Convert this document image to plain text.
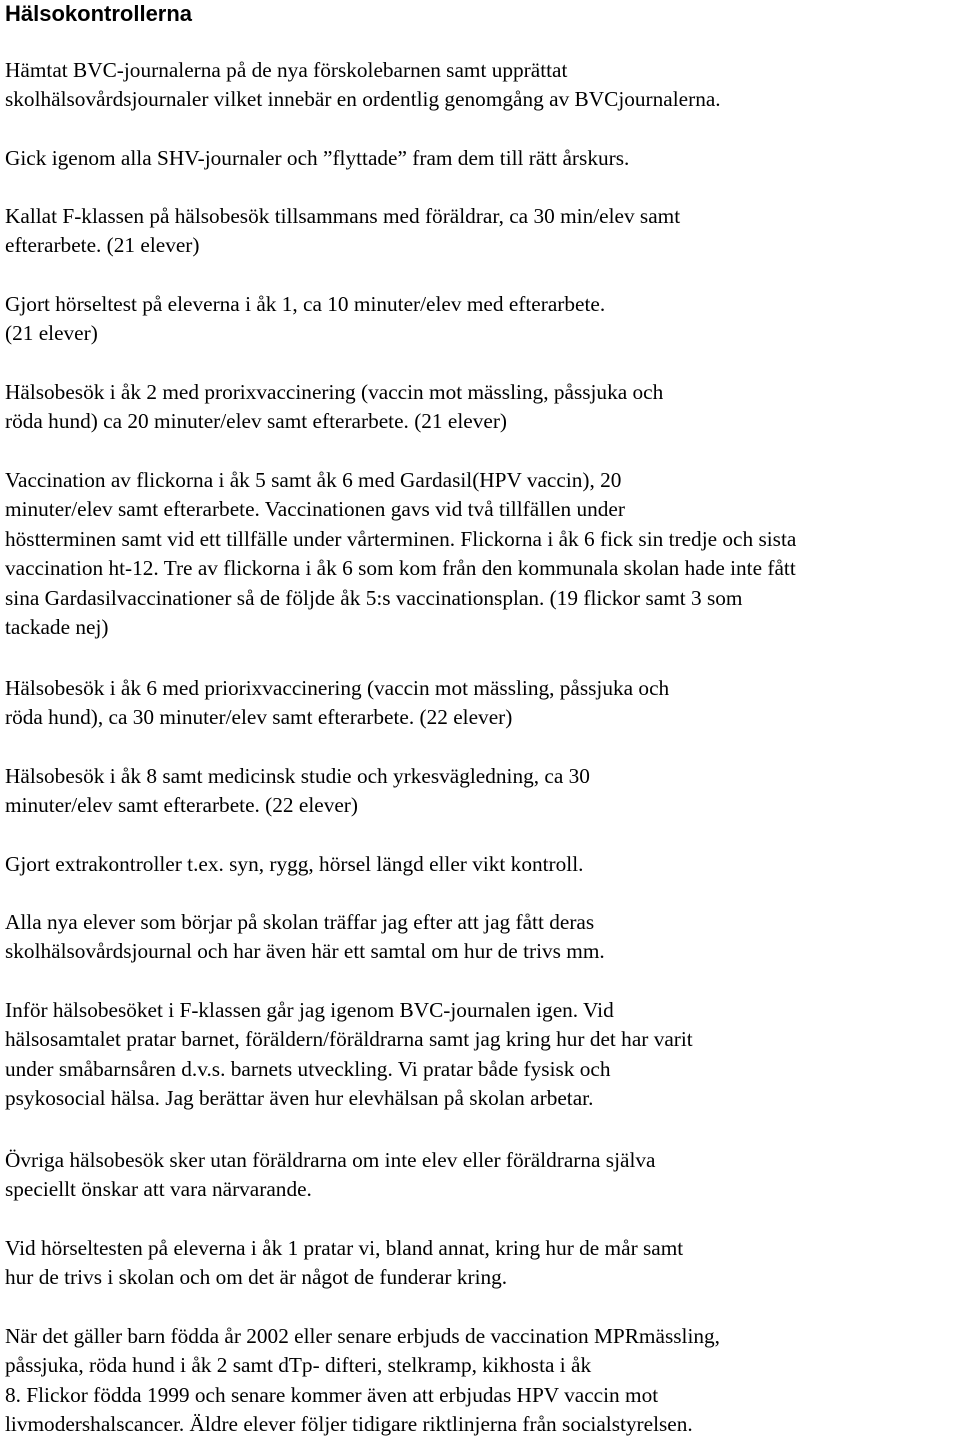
Hälsokontrollerna

Hämtat BVC-journalerna på de nya förskolebarnen samt upprättat
skolhälsovårdsjournaler vilket innebär en ordentlig genomgång av BVCjournalerna.

Gick igenom alla SHV-journaler och ”flyttade” fram dem till rätt årskurs.

Kallat F-klassen på hälsobesök tillsammans med föräldrar, ca 30 min/elev samt
efterarbete. (21 elever)

Gjort hörseltest på eleverna i åk 1, ca 10 minuter/elev med efterarbete.
(21 elever)

Hälsobesök i åk 2 med prorixvaccinering (vaccin mot mässling, påssjuka och
röda hund) ca 20 minuter/elev samt efterarbete. (21 elever)

Vaccination av flickorna i åk 5 samt åk 6 med Gardasil(HPV vaccin), 20
minuter/elev samt efterarbete. Vaccinationen gavs vid två tillfällen under
höstterminen samt vid ett tillfälle under vårterminen. Flickorna i åk 6 fick sin tredje och sista
vaccination ht-12. Tre av flickorna i åk 6 som kom från den kommunala skolan hade inte fått
sina Gardasilvaccinationer så de följde åk 5:s vaccinationsplan. (19 flickor samt 3 som
tackade nej)

Hälsobesök i åk 6 med priorixvaccinering (vaccin mot mässling, påssjuka och
röda hund), ca 30 minuter/elev samt efterarbete. (22 elever)

Hälsobesök i åk 8 samt medicinsk studie och yrkesvägledning, ca 30
minuter/elev samt efterarbete. (22 elever)

Gjort extrakontroller t.ex. syn, rygg, hörsel längd eller vikt kontroll.

Alla nya elever som börjar på skolan träffar jag efter att jag fått deras
skolhälsovårdsjournal och har även här ett samtal om hur de trivs mm.

Inför hälsobesöket i F-klassen går jag igenom BVC-journalen igen. Vid
hälsosamtalet pratar barnet, föräldern/föräldrarna samt jag kring hur det har varit
under småbarnsåren d.v.s. barnets utveckling. Vi pratar både fysisk och
psykosocial hälsa. Jag berättar även hur elevhälsan på skolan arbetar.

Övriga hälsobesök sker utan föräldrarna om inte elev eller föräldrarna själva
speciellt önskar att vara närvarande.

Vid hörseltesten på eleverna i åk 1 pratar vi, bland annat, kring hur de mår samt
hur de trivs i skolan och om det är något de funderar kring.

När det gäller barn födda år 2002 eller senare erbjuds de vaccination MPRmässling,
påssjuka, röda hund i åk 2 samt dTp- difteri, stelkramp, kikhosta i åk
8. Flickor födda 1999 och senare kommer även att erbjudas HPV vaccin mot
livmodershalscancer. Äldre elever följer tidigare riktlinjerna från socialstyrelsen.
